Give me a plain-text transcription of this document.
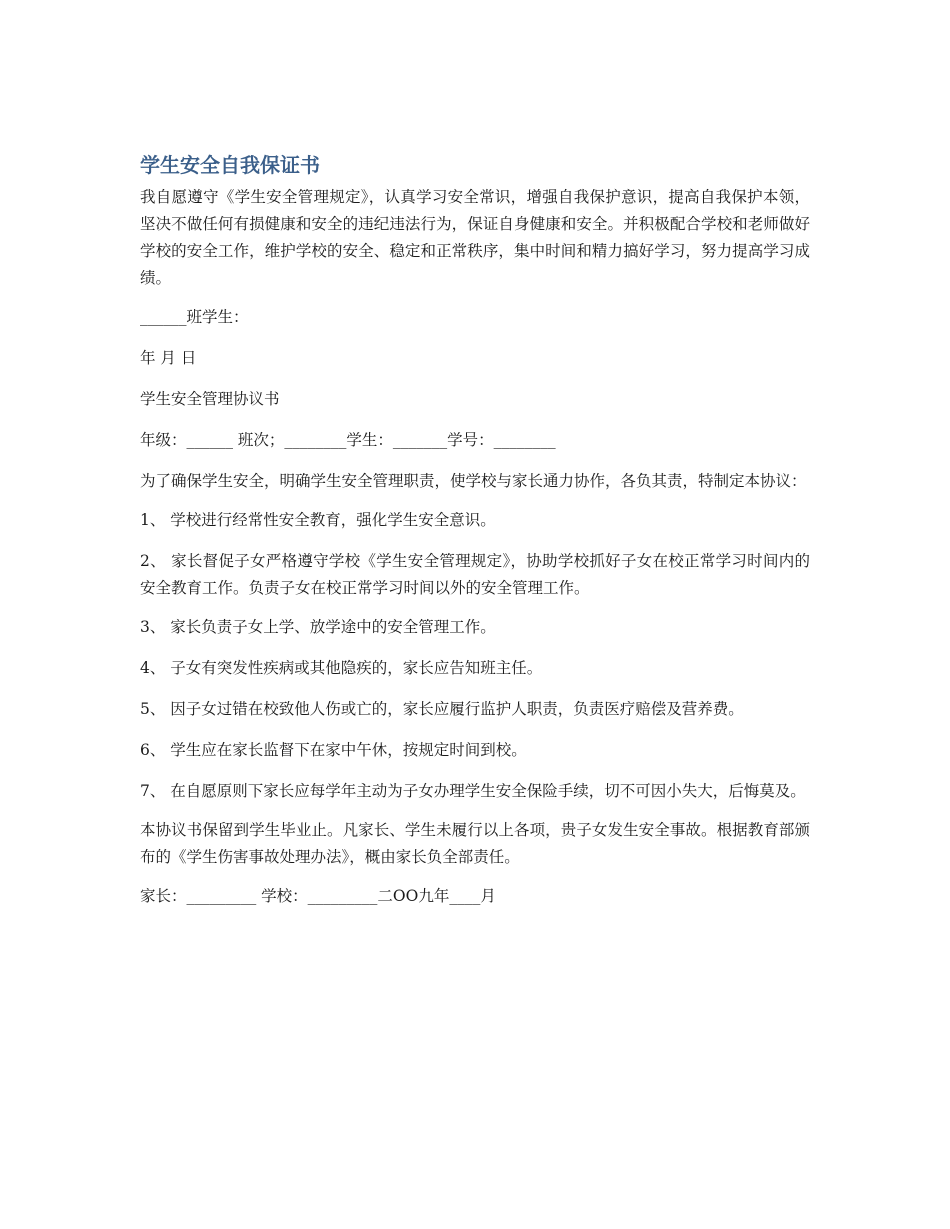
学生安全自我保证书

我自愿遵守《学生安全管理规定》，认真学习安全常识，增强自我保护意识，提高自我保护本领，坚决不做任何有损健康和安全的违纪违法行为，保证自身健康和安全。并积极配合学校和老师做好学校的安全工作，维护学校的安全、稳定和正常秩序，集中时间和精力搞好学习，努力提高学习成绩。

______班学生：

年 月 日

学生安全管理协议书

年级：______ 班次；________学生：_______学号：________

为了确保学生安全，明确学生安全管理职责，使学校与家长通力协作，各负其责，特制定本协议：

1、 学校进行经常性安全教育，强化学生安全意识。

2、 家长督促子女严格遵守学校《学生安全管理规定》，协助学校抓好子女在校正常学习时间内的安全教育工作。负责子女在校正常学习时间以外的安全管理工作。

3、 家长负责子女上学、放学途中的安全管理工作。

4、 子女有突发性疾病或其他隐疾的，家长应告知班主任。

5、 因子女过错在校致他人伤或亡的，家长应履行监护人职责，负责医疗赔偿及营养费。

6、 学生应在家长监督下在家中午休，按规定时间到校。

7、 在自愿原则下家长应每学年主动为子女办理学生安全保险手续，切不可因小失大，后悔莫及。

本协议书保留到学生毕业止。凡家长、学生未履行以上各项，贵子女发生安全事故。根据教育部颁布的《学生伤害事故处理办法》，概由家长负全部责任。

家长：_________ 学校：_________二OO九年____月
